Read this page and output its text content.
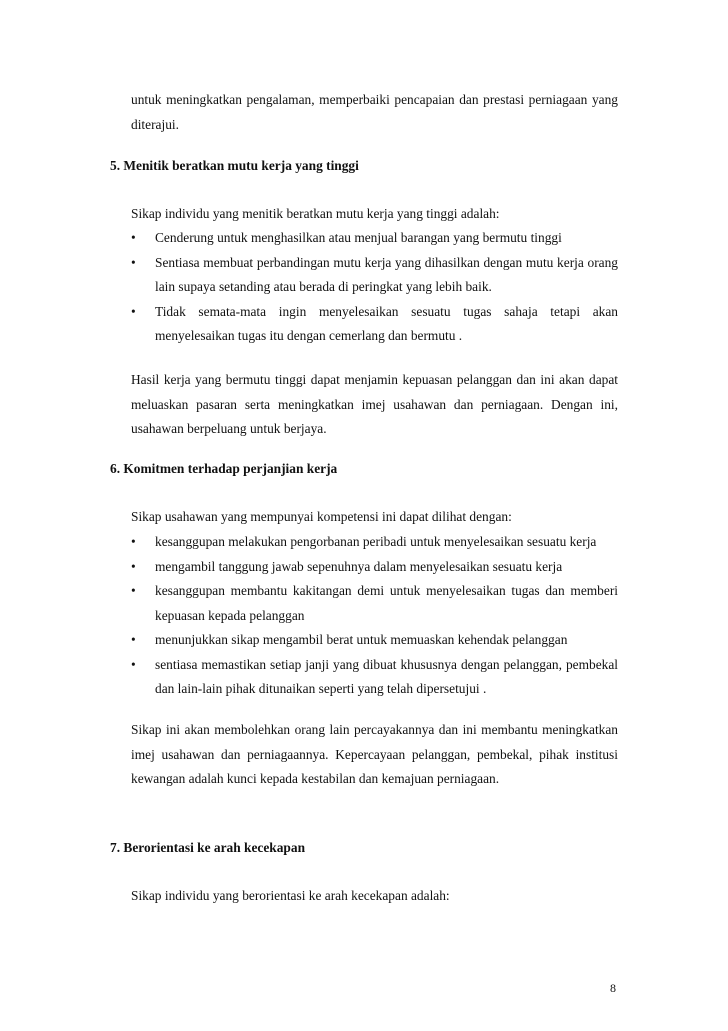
untuk meningkatkan pengalaman, memperbaiki pencapaian dan prestasi perniagaan yang diterajui.

5. Menitik beratkan mutu kerja yang tinggi

Sikap individu yang menitik beratkan mutu kerja yang tinggi adalah:

• Cenderung untuk menghasilkan atau menjual barangan yang bermutu tinggi
• Sentiasa membuat perbandingan mutu kerja yang dihasilkan dengan mutu kerja orang lain supaya setanding atau berada di peringkat yang lebih baik.
• Tidak semata-mata ingin menyelesaikan sesuatu tugas sahaja tetapi akan menyelesaikan tugas itu dengan cemerlang dan bermutu .

Hasil kerja yang bermutu tinggi dapat menjamin kepuasan pelanggan dan ini akan dapat meluaskan pasaran serta meningkatkan imej usahawan dan perniagaan. Dengan ini, usahawan berpeluang untuk berjaya.

6. Komitmen terhadap perjanjian kerja

Sikap usahawan yang mempunyai kompetensi ini dapat dilihat dengan:

• kesanggupan melakukan pengorbanan peribadi untuk menyelesaikan sesuatu kerja
• mengambil tanggung jawab sepenuhnya dalam menyelesaikan sesuatu kerja
• kesanggupan membantu kakitangan demi untuk menyelesaikan tugas dan memberi kepuasan kepada pelanggan
• menunjukkan sikap mengambil berat untuk memuaskan kehendak pelanggan
• sentiasa memastikan setiap janji yang dibuat khususnya dengan pelanggan, pembekal dan lain-lain pihak ditunaikan seperti yang telah dipersetujui .

Sikap ini akan membolehkan orang lain percayakannya dan ini membantu meningkatkan imej usahawan dan perniagaannya. Kepercayaan pelanggan, pembekal, pihak institusi kewangan adalah kunci kepada kestabilan dan kemajuan perniagaan.

7. Berorientasi ke arah kecekapan

Sikap individu yang berorientasi ke arah kecekapan adalah:

8
